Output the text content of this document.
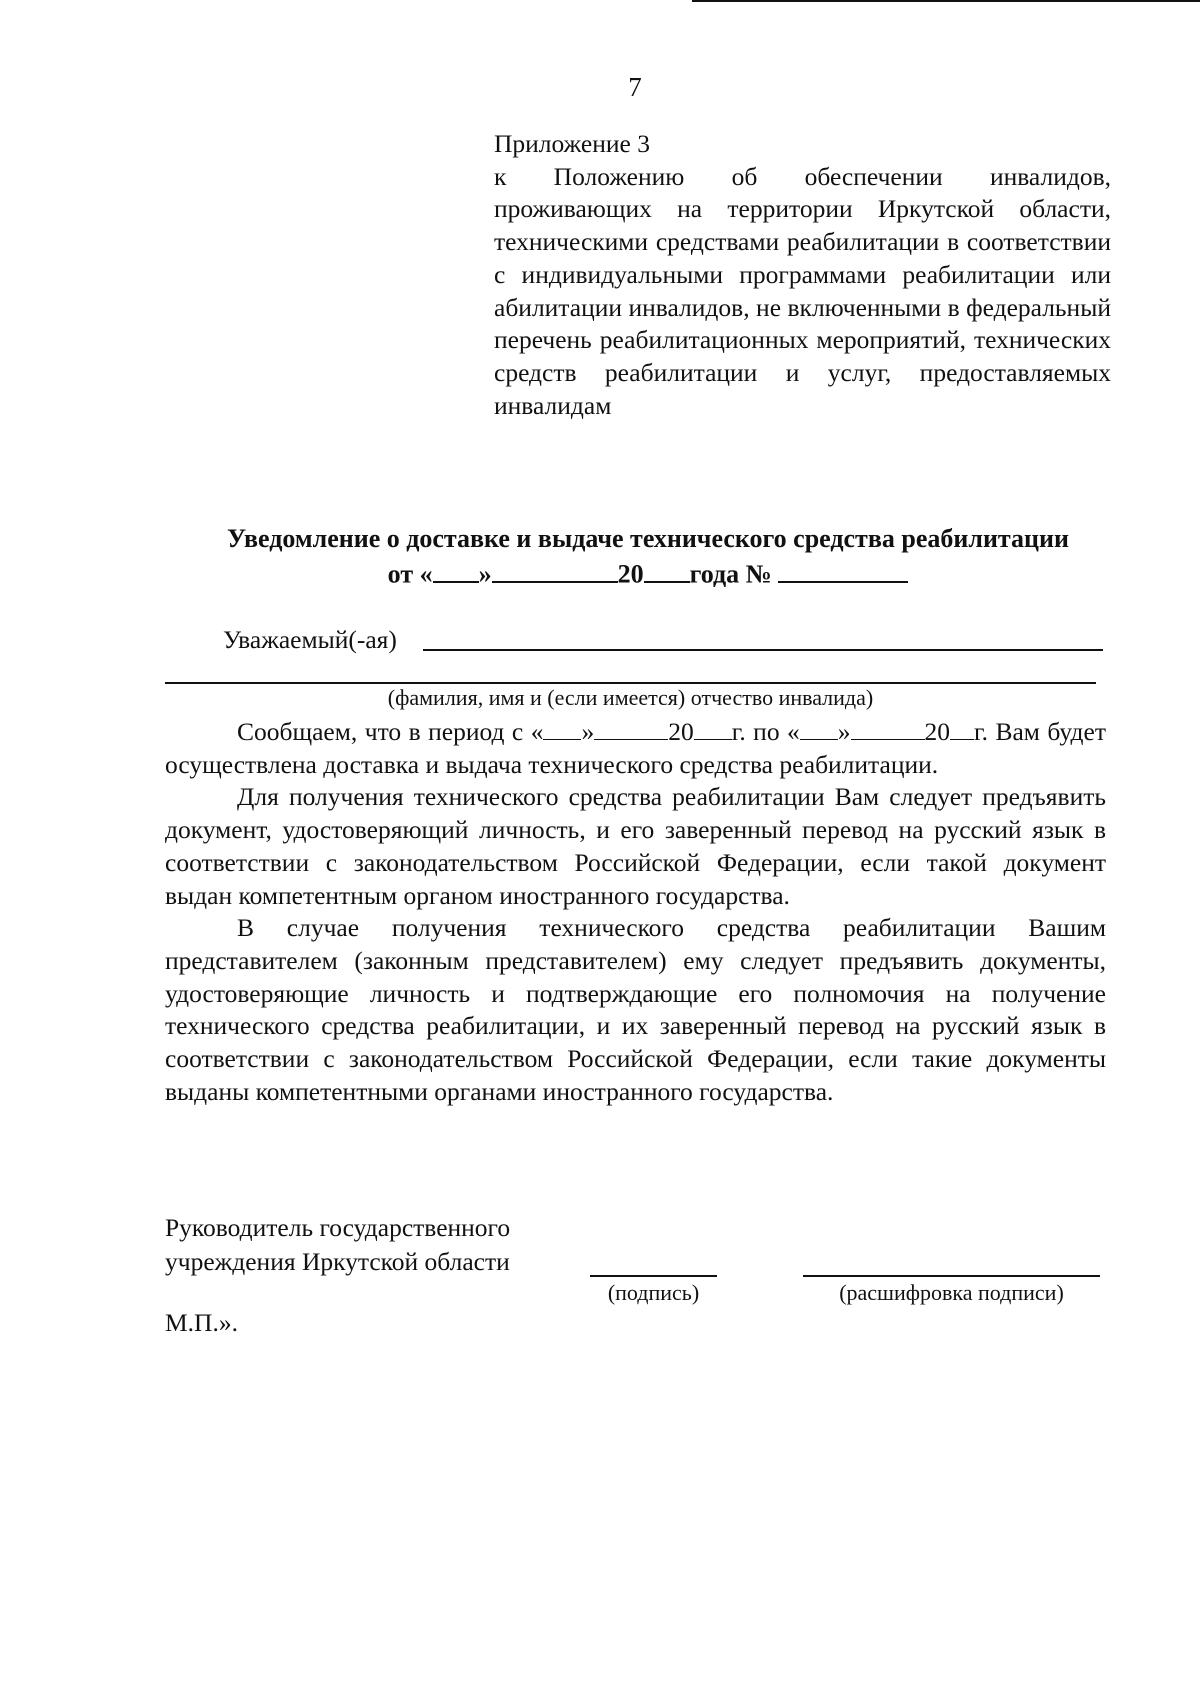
7
Приложение 3
к Положению об обеспечении инвалидов, проживающих на территории Иркутской области, техническими средствами реабилитации в соответствии с индивидуальными программами реабилитации или абилитации инвалидов, не включенными в федеральный перечень реабилитационных мероприятий, технических средств реабилитации и услуг, предоставляемых инвалидам
Уведомление о доставке и выдаче технического средства реабилитации
от « »	20 года №
Уважаемый(-ая)
(фамилия, имя и (если имеется) отчество инвалида)

Сообщаем, что в период с « »	20 г. по « »	20 г. Вам будет осуществлена доставка и выдача технического средства реабилитации.

Для получения технического средства реабилитации Вам следует предъявить документ, удостоверяющий личность, и его заверенный перевод на русский язык в соответствии с законодательством Российской Федерации, если такой документ выдан компетентным органом иностранного государства.

В случае получения технического средства реабилитации Вашим представителем (законным представителем) ему следует предъявить документы, удостоверяющие личность и подтверждающие его полномочия на получение технического средства реабилитации, и их заверенный перевод на русский язык в соответствии с законодательством Российской Федерации, если такие документы выданы компетентными органами иностранного государства.

Руководитель государственного
учреждения Иркутской области
(подпись)	(расшифровка подписи)
М.П.».
